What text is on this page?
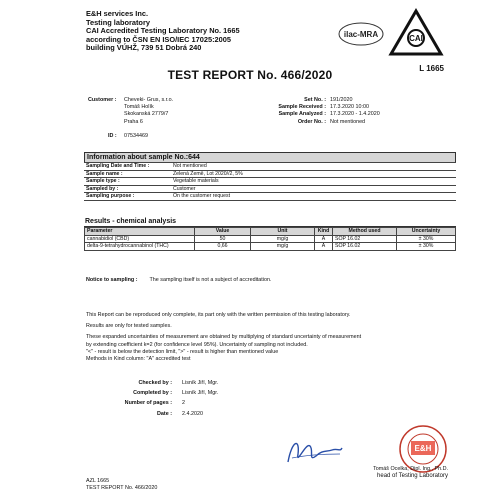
E&H services Inc.
Testing laboratory
CAI Accredited Testing Laboratory No. 1665
according to ČSN EN ISO/IEC 17025:2005
building VÚHŽ, 739 51 Dobrá 240
ilac-MRA	CAI
L 1665
TEST REPORT No. 466/2020
Customer : Cheveki- Grus, s.r.o.
Tomáš Holík
Skokanská 2779/7
Praha 6
ID : 07534469
Set No. : 191/2020
Sample Received : 17.3.2020 10:00
Sample Analyzed : 17.3.2020 - 1.4.2020
Order No. : Not mentioned
Information about sample No.:644
Sampling Date and Time :	Not mentioned
Sample name :	Zelená Země, Lot 2020//2, 5%
Sample type :	Vegetable materials
Sampled by :	Customer
Sampling purpose :	On the customer request
Results - chemical analysis
Parameter	Value	Unit	Kind	Method used	Uncertainty
cannabidiol (CBD)	50	mg/g	A	SOP 16.02	± 30%
delta-9-tetrahydrocannabinol (THC)	0,66	mg/g	A	SOP 16.02	± 30%
Notice to sampling : The sampling itself is not a subject of accreditation.
This Report can be reproduced only complete, its part only with the written permission of this testing laboratory.
Results are only for tested samples.
These expanded uncertainties of measurement are obtained by multiplying of standard uncertainty of measurement
by extending coefficient k=2 (for confidence level 95%). Uncertainty of sampling not included.
"<" - result is below the detection limit, ">" - result is higher than mentioned value
Methods in Kind column: "A" accredited test
Checked by :	Lisník Jiří, Mgr.
Completed by :	Lisník Jiří, Mgr.
Number of pages :	2
Date :	2.4.2020
E&H
Tomáš Ocelka, Dipl. Ing., Ph.D.
head of Testing Laboratory
AZL 1665
TEST REPORT No. 466/2020
